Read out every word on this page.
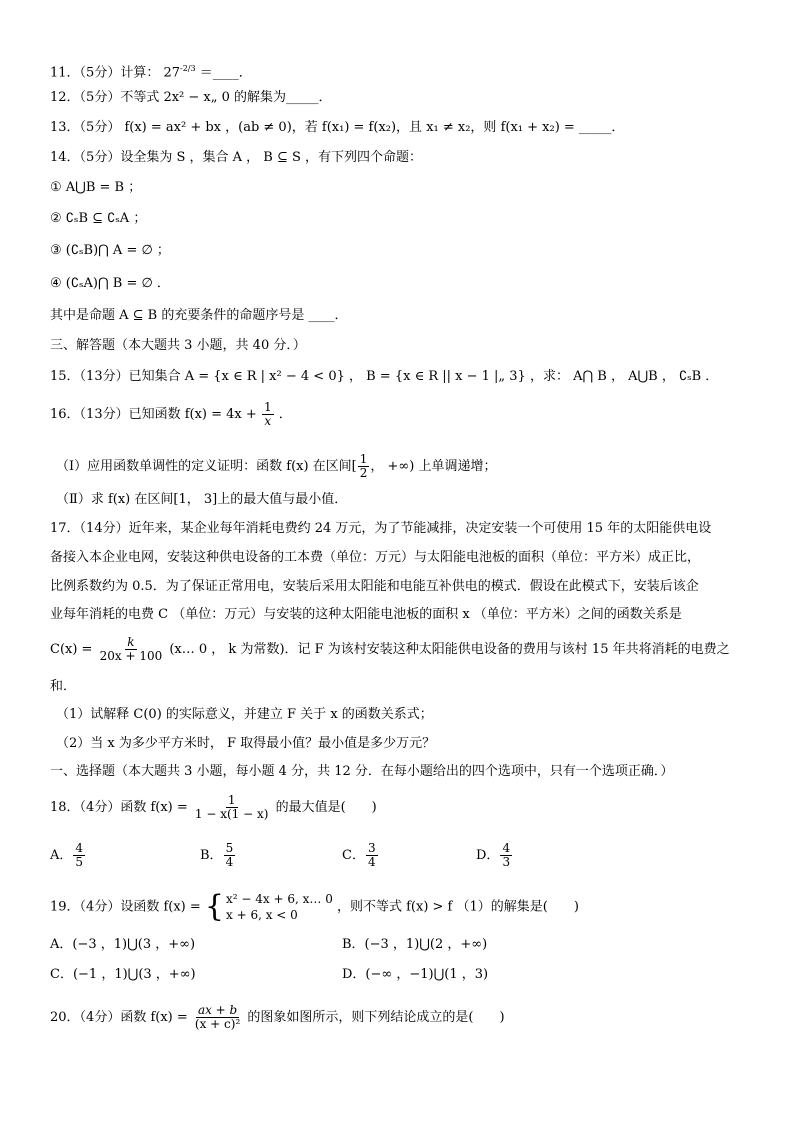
11．（5分）计算： $27^{-2/3}$ ＝____．
12．（5分）不等式 2x² − x„ 0 的解集为_____．
13．（5分） f(x) = ax² + bx ，(ab ≠ 0)，若 f(x₁) = f(x₂)，且 x₁ ≠ x₂，则 f(x₁ + x₂) = _____．
14．（5分）设全集为 S ，集合 A ， B ⊆ S ，有下列四个命题：
① A⋃B = B ；
② ∁ₛB ⊆ ∁ₛA ；
③ (∁ₛB)⋂ A = ∅ ；
④ (∁ₛA)⋂ B = ∅ ．
其中是命题 A ⊆ B 的充要条件的命题序号是 ____．
三、解答题（本大题共 3 小题，共 40 分．）
15．（13分）已知集合 A = {x ∈ R | x² − 4 < 0} ， B = {x ∈ R || x − 1 |„ 3} ，求： A⋂ B ， A⋃B ， ∁ₛB ．
16．（13分）已知函数 $f(x) = 4x + \frac{1}{x}$ ．
（Ⅰ）应用函数单调性的定义证明：函数 f(x) 在区间[ $\frac{1}{2}$ ， +∞) 上单调递增；
（Ⅱ）求 f(x) 在区间[1， 3]上的最大值与最小值．
17．（14分）近年来，某企业每年消耗电费约 24 万元，为了节能减排，决定安装一个可使用 15 年的太阳能供电设
备接入本企业电网，安装这种供电设备的工本费（单位：万元）与太阳能电池板的面积（单位：平方米）成正比，
比例系数约为 0.5．为了保证正常用电，安装后采用太阳能和电能互补供电的模式．假设在此模式下，安装后该企
业每年消耗的电费 C （单位：万元）与安装的这种太阳能电池板的面积 x （单位：平方米）之间的函数关系是
$C(x) = \frac{k}{20x + 100}$ (x… 0 ， k 为常数)．记 F 为该村安装这种太阳能供电设备的费用与该村 15 年共将消耗的电费之
和．
（1）试解释 C(0) 的实际意义，并建立 F 关于 x 的函数关系式；
（2）当 x 为多少平方米时， F 取得最小值？最小值是多少万元？
一、选择题（本大题共 3 小题，每小题 4 分，共 12 分．在每小题给出的四个选项中，只有一个选项正确．）
18．（4分）函数 $f(x) = \frac{1}{1 - x(1 - x)}$ 的最大值是(　　)
A． $\frac{4}{5}$	B． $\frac{5}{4}$	C． $\frac{3}{4}$	D． $\frac{4}{3}$
19．（4分）设函数 f(x) = { x² − 4x + 6, x… 0
x + 6, x < 0
，则不等式 f(x) > f （1）的解集是(　　)
A．(−3 ，1)⋃(3 ，+∞)	B．(−3 ，1)⋃(2 ，+∞)
C．(−1 ，1)⋃(3 ，+∞)	D．(−∞ ，−1)⋃(1 ，3)
20．（4分）函数 $f(x) = \frac{ax + b}{\text{(x + c)²}}$ 的图象如图所示，则下列结论成立的是(　　)
